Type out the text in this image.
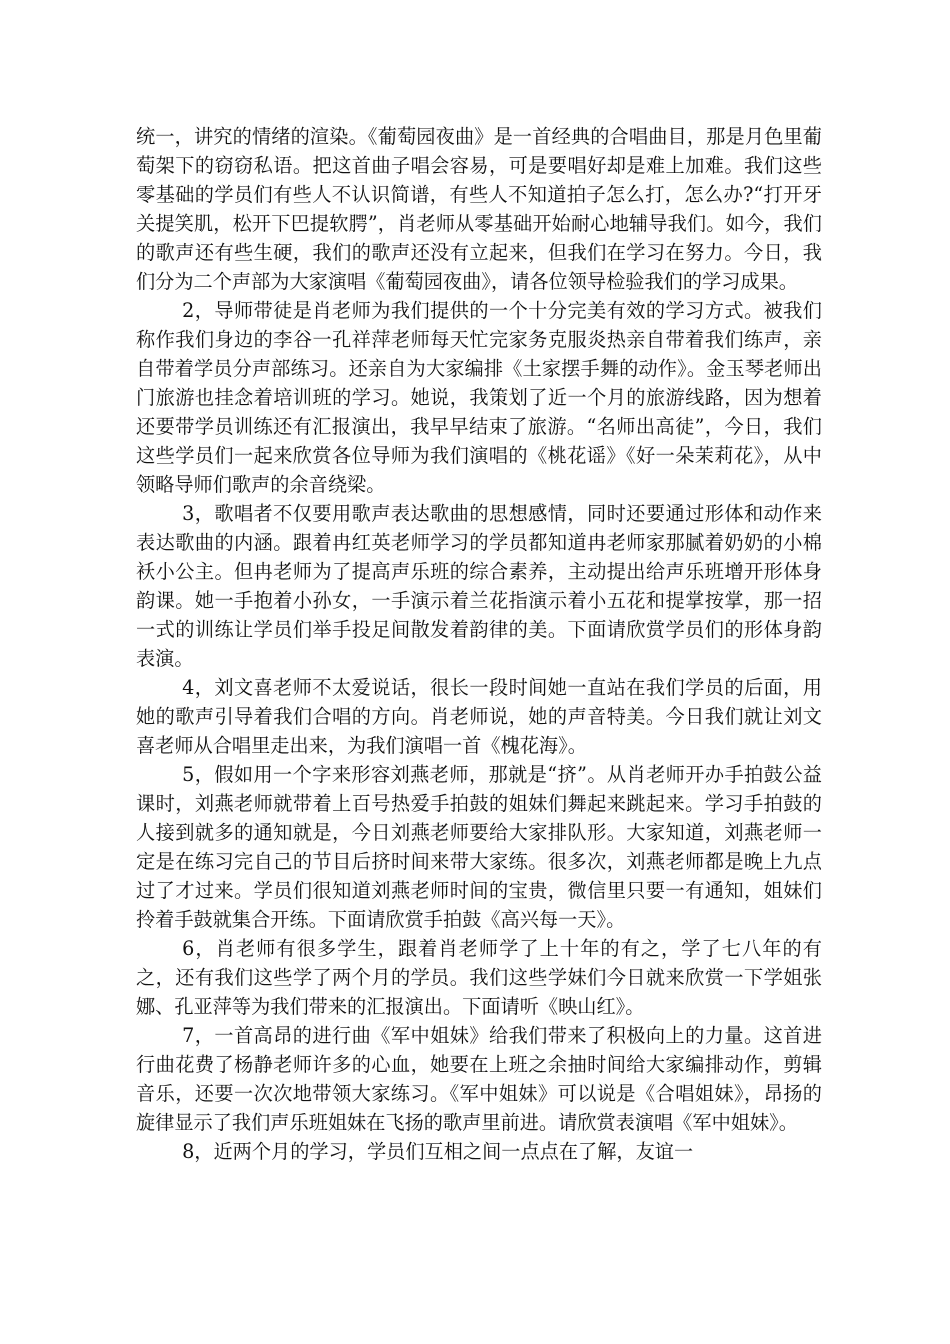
统一，讲究的情绪的渲染。《葡萄园夜曲》是一首经典的合唱曲目，那是月色里葡萄架下的窃窃私语。把这首曲子唱会容易，可是要唱好却是难上加难。我们这些零基础的学员们有些人不认识简谱，有些人不知道拍子怎么打，怎么办?“打开牙关提笑肌，松开下巴提软腭”，肖老师从零基础开始耐心地辅导我们。如今，我们的歌声还有些生硬，我们的歌声还没有立起来，但我们在学习在努力。今日，我们分为二个声部为大家演唱《葡萄园夜曲》，请各位领导检验我们的学习成果。

2，导师带徒是肖老师为我们提供的一个十分完美有效的学习方式。被我们称作我们身边的李谷一孔祥萍老师每天忙完家务克服炎热亲自带着我们练声，亲自带着学员分声部练习。还亲自为大家编排《土家摆手舞的动作》。金玉琴老师出门旅游也挂念着培训班的学习。她说，我策划了近一个月的旅游线路，因为想着还要带学员训练还有汇报演出，我早早结束了旅游。“名师出高徒”，今日，我们这些学员们一起来欣赏各位导师为我们演唱的《桃花谣》《好一朵茉莉花》，从中领略导师们歌声的余音绕梁。

3，歌唱者不仅要用歌声表达歌曲的思想感情，同时还要通过形体和动作来表达歌曲的内涵。跟着冉红英老师学习的学员都知道冉老师家那腻着奶奶的小棉袄小公主。但冉老师为了提高声乐班的综合素养，主动提出给声乐班增开形体身韵课。她一手抱着小孙女，一手演示着兰花指演示着小五花和提掌按掌，那一招一式的训练让学员们举手投足间散发着韵律的美。下面请欣赏学员们的形体身韵表演。

4，刘文喜老师不太爱说话，很长一段时间她一直站在我们学员的后面，用她的歌声引导着我们合唱的方向。肖老师说，她的声音特美。今日我们就让刘文喜老师从合唱里走出来，为我们演唱一首《槐花海》。

5，假如用一个字来形容刘燕老师，那就是“挤”。从肖老师开办手拍鼓公益课时，刘燕老师就带着上百号热爱手拍鼓的姐妹们舞起来跳起来。学习手拍鼓的人接到就多的通知就是，今日刘燕老师要给大家排队形。大家知道，刘燕老师一定是在练习完自己的节目后挤时间来带大家练。很多次，刘燕老师都是晚上九点过了才过来。学员们很知道刘燕老师时间的宝贵，微信里只要一有通知，姐妹们拎着手鼓就集合开练。下面请欣赏手拍鼓《高兴每一天》。

6，肖老师有很多学生，跟着肖老师学了上十年的有之，学了七八年的有之，还有我们这些学了两个月的学员。我们这些学妹们今日就来欣赏一下学姐张娜、孔亚萍等为我们带来的汇报演出。下面请听《映山红》。

7，一首高昂的进行曲《军中姐妹》给我们带来了积极向上的力量。这首进行曲花费了杨静老师许多的心血，她要在上班之余抽时间给大家编排动作，剪辑音乐，还要一次次地带领大家练习。《军中姐妹》可以说是《合唱姐妹》，昂扬的旋律显示了我们声乐班姐妹在飞扬的歌声里前进。请欣赏表演唱《军中姐妹》。

8，近两个月的学习，学员们互相之间一点点在了解，友谊一
